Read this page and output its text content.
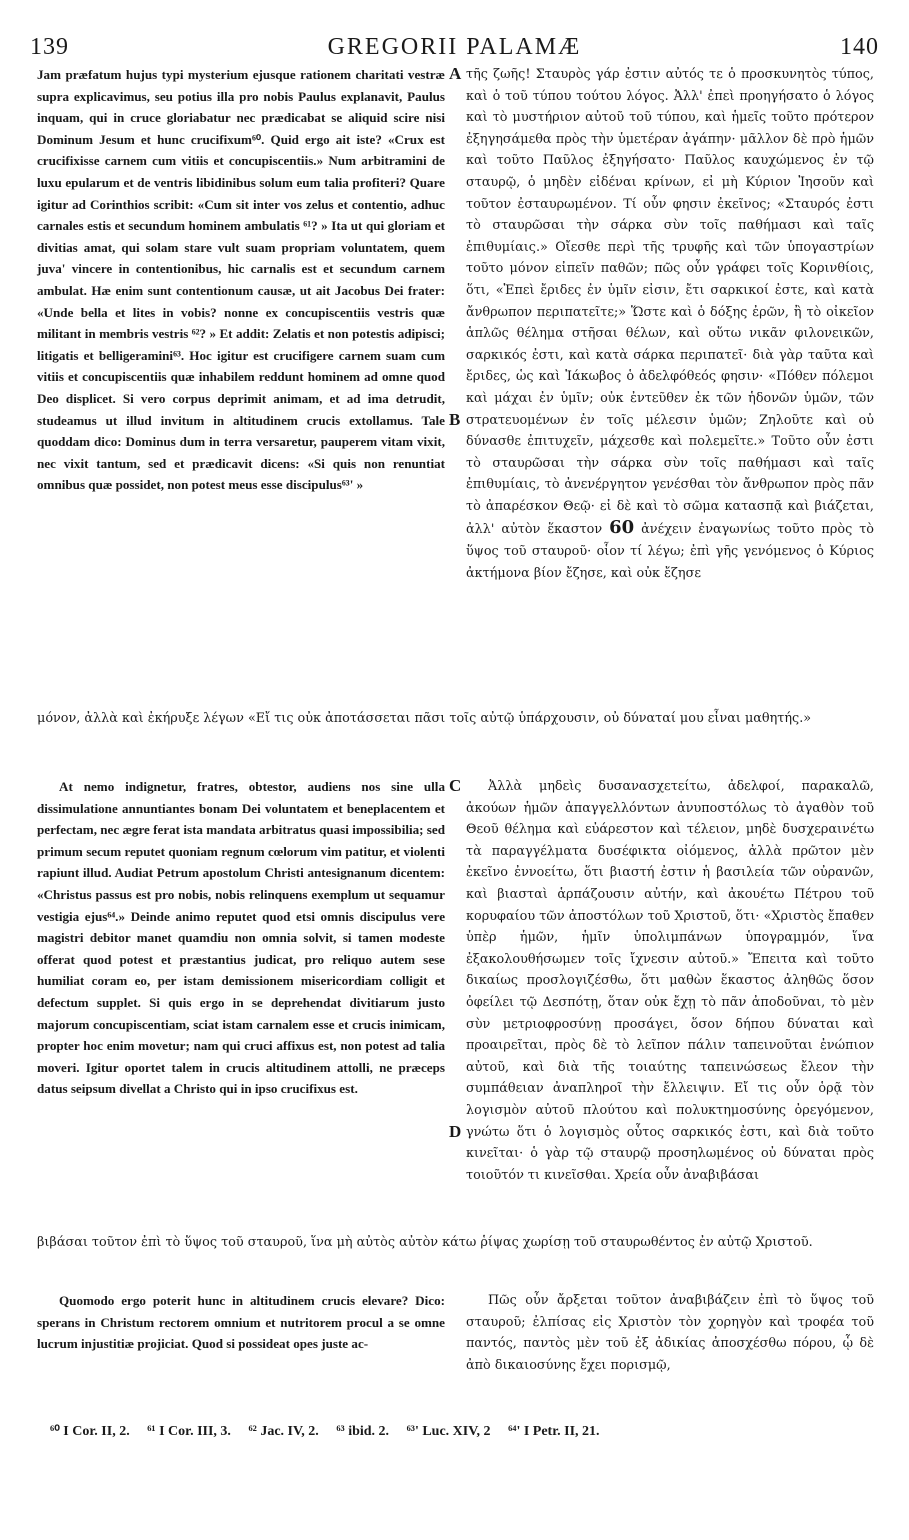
139	GREGORII PALAMÆ	140

Jam præfatum hujus typi mysterium ejusque rationem charitati vestræ supra explicavimus, seu potius illa pro nobis Paulus explanavit, Paulus inquam, qui in cruce gloriabatur nec prædicabat se aliquid scire nisi Dominum Jesum et hunc crucifixum⁶⁰. Quid ergo ait iste? «Crux est crucifixisse carnem cum vitiis et concupiscentiis.» Num arbitramini de luxu epularum et de ventris libidinibus solum eum talia profiteri? Quare igitur ad Corinthios scribit: «Cum sit inter vos zelus et contentio, adhuc carnales estis et secundum hominem ambulatis ⁶¹? » Ita ut qui gloriam et divitias amat, qui solam stare vult suam propriam voluntatem, quem juva' vincere in contentionibus, hic carnalis est et secundum carnem ambulat. Hæ enim sunt contentionum causæ, ut ait Jacobus Dei frater: «Unde bella et lites in vobis? nonne ex concupiscentiis vestris quæ militant in membris vestris ⁶²? » Et addit: Zelatis et non potestis adipisci; litigatis et belligeramini⁶³. Hoc igitur est crucifigere carnem suam cum vitiis et concupiscentiis quæ inhabilem reddunt hominem ad omne quod Deo displicet. Si vero corpus deprimit animam, et ad ima detrudit, studeamus ut illud invitum in altitudinem crucis extollamus. Tale quoddam dico: Dominus dum in terra versaretur, pauperem vitam vixit, nec vixit tantum, sed et prædicavit dicens: «Si quis non renuntiat omnibus quæ possidet, non potest meus esse discipulus⁶³' »

τῆς ζωῆς! Σταυρὸς γάρ ἐστιν αὐτός τε ὁ προσκυνητὸς τύπος, καὶ ὁ τοῦ τύπου τούτου λόγος. Ἀλλ' ἐπεὶ προηγήσατο ὁ λόγος καὶ τὸ μυστήριον αὐτοῦ τοῦ τύπου, καὶ ἡμεῖς τοῦτο πρότερον ἐξηγησάμεθα πρὸς τὴν ὑμετέραν ἀγάπην· μᾶλλον δὲ πρὸ ἡμῶν καὶ τοῦτο Παῦλος ἐξηγήσατο· Παῦλος καυχώμενος ἐν τῷ σταυρῷ, ὁ μηδὲν εἰδέναι κρίνων, εἰ μὴ Κύριον Ἰησοῦν καὶ τοῦτον ἐσταυρωμένον. Τί οὖν φησιν ἐκεῖνος; «Σταυρός ἐστι τὸ σταυρῶσαι τὴν σάρκα σὺν τοῖς παθήμασι καὶ ταῖς ἐπιθυμίαις.» Οἴεσθε περὶ τῆς τρυφῆς καὶ τῶν ὑπογαστρίων τοῦτο μόνον εἰπεῖν παθῶν; πῶς οὖν γράφει τοῖς Κορινθίοις, ὅτι, «Ἐπεὶ ἔριδες ἐν ὑμῖν εἰσιν, ἔτι σαρκικοί ἐστε, καὶ κατὰ ἄνθρωπον περιπατεῖτε;» Ὥστε καὶ ὁ δόξης ἐρῶν, ἢ τὸ οἰκεῖον ἁπλῶς θέλημα στῆσαι θέλων, καὶ οὕτω νικᾶν φιλονεικῶν, σαρκικός ἐστι, καὶ κατὰ σάρκα περιπατεῖ· διὰ γὰρ ταῦτα καὶ ἔριδες, ὡς καὶ Ἰάκωβος ὁ ἀδελφόθεός φησιν· «Πόθεν πόλεμοι καὶ μάχαι ἐν ὑμῖν; οὐκ ἐντεῦθεν ἐκ τῶν ἡδονῶν ὑμῶν, τῶν στρατευομένων ἐν τοῖς μέλεσιν ὑμῶν; Ζηλοῦτε καὶ οὐ δύνασθε ἐπιτυχεῖν, μάχεσθε καὶ πολεμεῖτε.» Τοῦτο οὖν ἐστι τὸ σταυρῶσαι τὴν σάρκα σὺν τοῖς παθήμασι καὶ ταῖς ἐπιθυμίαις, τὸ ἀνενέργητον γενέσθαι τὸν ἄνθρωπον πρὸς πᾶν τὸ ἀπαρέσκον Θεῷ· εἰ δὲ καὶ τὸ σῶμα κατασπᾷ καὶ βιάζεται, ἀλλ' αὐτὸν ἕκαστον 60 ἀνέχειν ἐναγωνίως τοῦτο πρὸς τὸ ὕψος τοῦ σταυροῦ· οἷον τί λέγω; ἐπὶ γῆς γενόμενος ὁ Κύριος ἀκτήμονα βίον ἔζησε, καὶ οὐκ ἔζησε

μόνον, ἀλλὰ καὶ ἐκήρυξε λέγων «Εἴ τις οὐκ ἀποτάσσεται πᾶσι τοῖς αὐτῷ ὑπάρχουσιν, οὐ δύναταί μου εἶναι μαθητής.»

At nemo indignetur, fratres, obtestor, audiens nos sine ulla dissimulatione annuntiantes bonam Dei voluntatem et beneplacentem et perfectam, nec ægre ferat ista mandata arbitratus quasi impossibilia; sed primum secum reputet quoniam regnum cœlorum vim patitur, et violenti rapiunt illud. Audiat Petrum apostolum Christi antesignanum dicentem: «Christus passus est pro nobis, nobis relinquens exemplum ut sequamur vestigia ejus⁶⁴.» Deinde animo reputet quod etsi omnis discipulus vere magistri debitor manet quamdiu non omnia solvit, si tamen modeste offerat quod potest et præstantius judicat, pro reliquo autem sese humiliat coram eo, per istam demissionem misericordiam colligit et defectum supplet. Si quis ergo in se deprehendat divitiarum justo majorum concupiscentiam, sciat istam carnalem esse et crucis inimicam, propter hoc enim movetur; nam qui cruci affixus est, non potest ad talia moveri. Igitur oportet talem in crucis altitudinem attolli, ne præceps datus seipsum divellat a Christo qui in ipso crucifixus est.

Ἀλλὰ μηδεὶς δυσανασχετείτω, ἀδελφοί, παρακαλῶ, ἀκούων ἡμῶν ἀπαγγελλόντων ἀνυποστόλως τὸ ἀγαθὸν τοῦ Θεοῦ θέλημα καὶ εὐάρεστον καὶ τέλειον, μηδὲ δυσχεραινέτω τὰ παραγγέλματα δυσέφικτα οἰόμενος, ἀλλὰ πρῶτον μὲν ἐκεῖνο ἐννοείτω, ὅτι βιαστή ἐστιν ἡ βασιλεία τῶν οὐρανῶν, καὶ βιασταὶ ἁρπάζουσιν αὐτήν, καὶ ἀκουέτω Πέτρου τοῦ κορυφαίου τῶν ἀποστόλων τοῦ Χριστοῦ, ὅτι· «Χριστὸς ἔπαθεν ὑπὲρ ἡμῶν, ἡμῖν ὑπολιμπάνων ὑπογραμμόν, ἵνα ἐξακολουθήσωμεν τοῖς ἴχνεσιν αὐτοῦ.» Ἔπειτα καὶ τοῦτο δικαίως προσλογιζέσθω, ὅτι μαθὼν ἕκαστος ἀληθῶς ὅσον ὀφείλει τῷ Δεσπότῃ, ὅταν οὐκ ἔχῃ τὸ πᾶν ἀποδοῦναι, τὸ μὲν σὺν μετριοφροσύνῃ προσάγει, ὅσον δήπου δύναται καὶ προαιρεῖται, πρὸς δὲ τὸ λεῖπον πάλιν ταπεινοῦται ἐνώπιον αὐτοῦ, καὶ διὰ τῆς τοιαύτης ταπεινώσεως ἔλεον τὴν συμπάθειαν ἀναπληροῖ τὴν ἔλλειψιν. Εἴ τις οὖν ὁρᾷ τὸν λογισμὸν αὐτοῦ πλούτου καὶ πολυκτημοσύνης ὀρεγόμενον, γνώτω ὅτι ὁ λογισμὸς οὗτος σαρκικός ἐστι, καὶ διὰ τοῦτο κινεῖται· ὁ γὰρ τῷ σταυρῷ προσηλωμένος οὐ δύναται πρὸς τοιοῦτόν τι κινεῖσθαι. Χρεία οὖν ἀναβιβάσαι

βιβάσαι τοῦτον ἐπὶ τὸ ὕψος τοῦ σταυροῦ, ἵνα μὴ αὐτὸς αὐτὸν κάτω ῥίψας χωρίσῃ τοῦ σταυρωθέντος ἐν αὐτῷ Χριστοῦ.

Quomodo ergo poterit hunc in altitudinem crucis elevare? Dico: sperans in Christum rectorem omnium et nutritorem procul a se omne lucrum injustitiæ projiciat. Quod si possideat opes juste ac-

Πῶς οὖν ἄρξεται τοῦτον ἀναβιβάζειν ἐπὶ τὸ ὕψος τοῦ σταυροῦ; ἐλπίσας εἰς Χριστὸν τὸν χορηγὸν καὶ τροφέα τοῦ παντός, παντὸς μὲν τοῦ ἐξ ἀδικίας ἀποσχέσθω πόρου, ᾧ δὲ ἀπὸ δικαιοσύνης ἔχει πορισμῷ,

A
B
C
D
⁶⁰ I Cor. II, 2. ⁶¹ I Cor. III, 3. ⁶² Jac. IV, 2. ⁶³ ibid. 2. ⁶³' Luc. XIV, 2 ⁶⁴' I Petr. II, 21.
